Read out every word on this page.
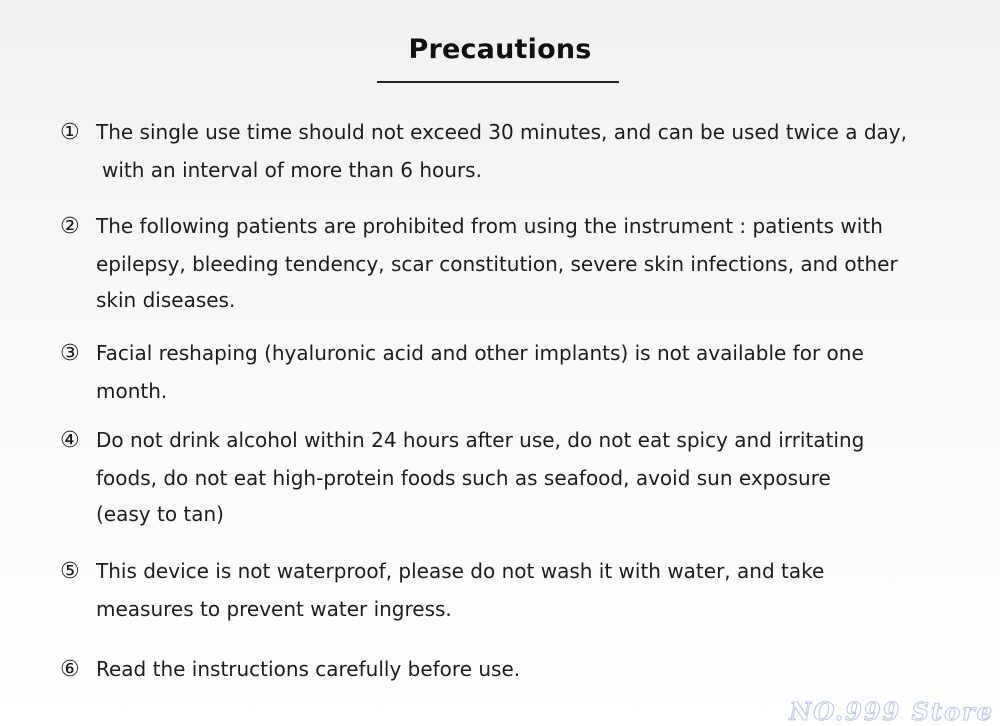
Precautions
① The single use time should not exceed 30 minutes, and can be used twice a day,
with an interval of more than 6 hours.
② The following patients are prohibited from using the instrument : patients with
epilepsy, bleeding tendency, scar constitution, severe skin infections, and other
skin diseases.
③ Facial reshaping (hyaluronic acid and other implants) is not available for one
month.
④ Do not drink alcohol within 24 hours after use, do not eat spicy and irritating
foods, do not eat high-protein foods such as seafood, avoid sun exposure
(easy to tan)
⑤ This device is not waterproof, please do not wash it with water, and take
measures to prevent water ingress.
⑥ Read the instructions carefully before use.
NO.999 Store
